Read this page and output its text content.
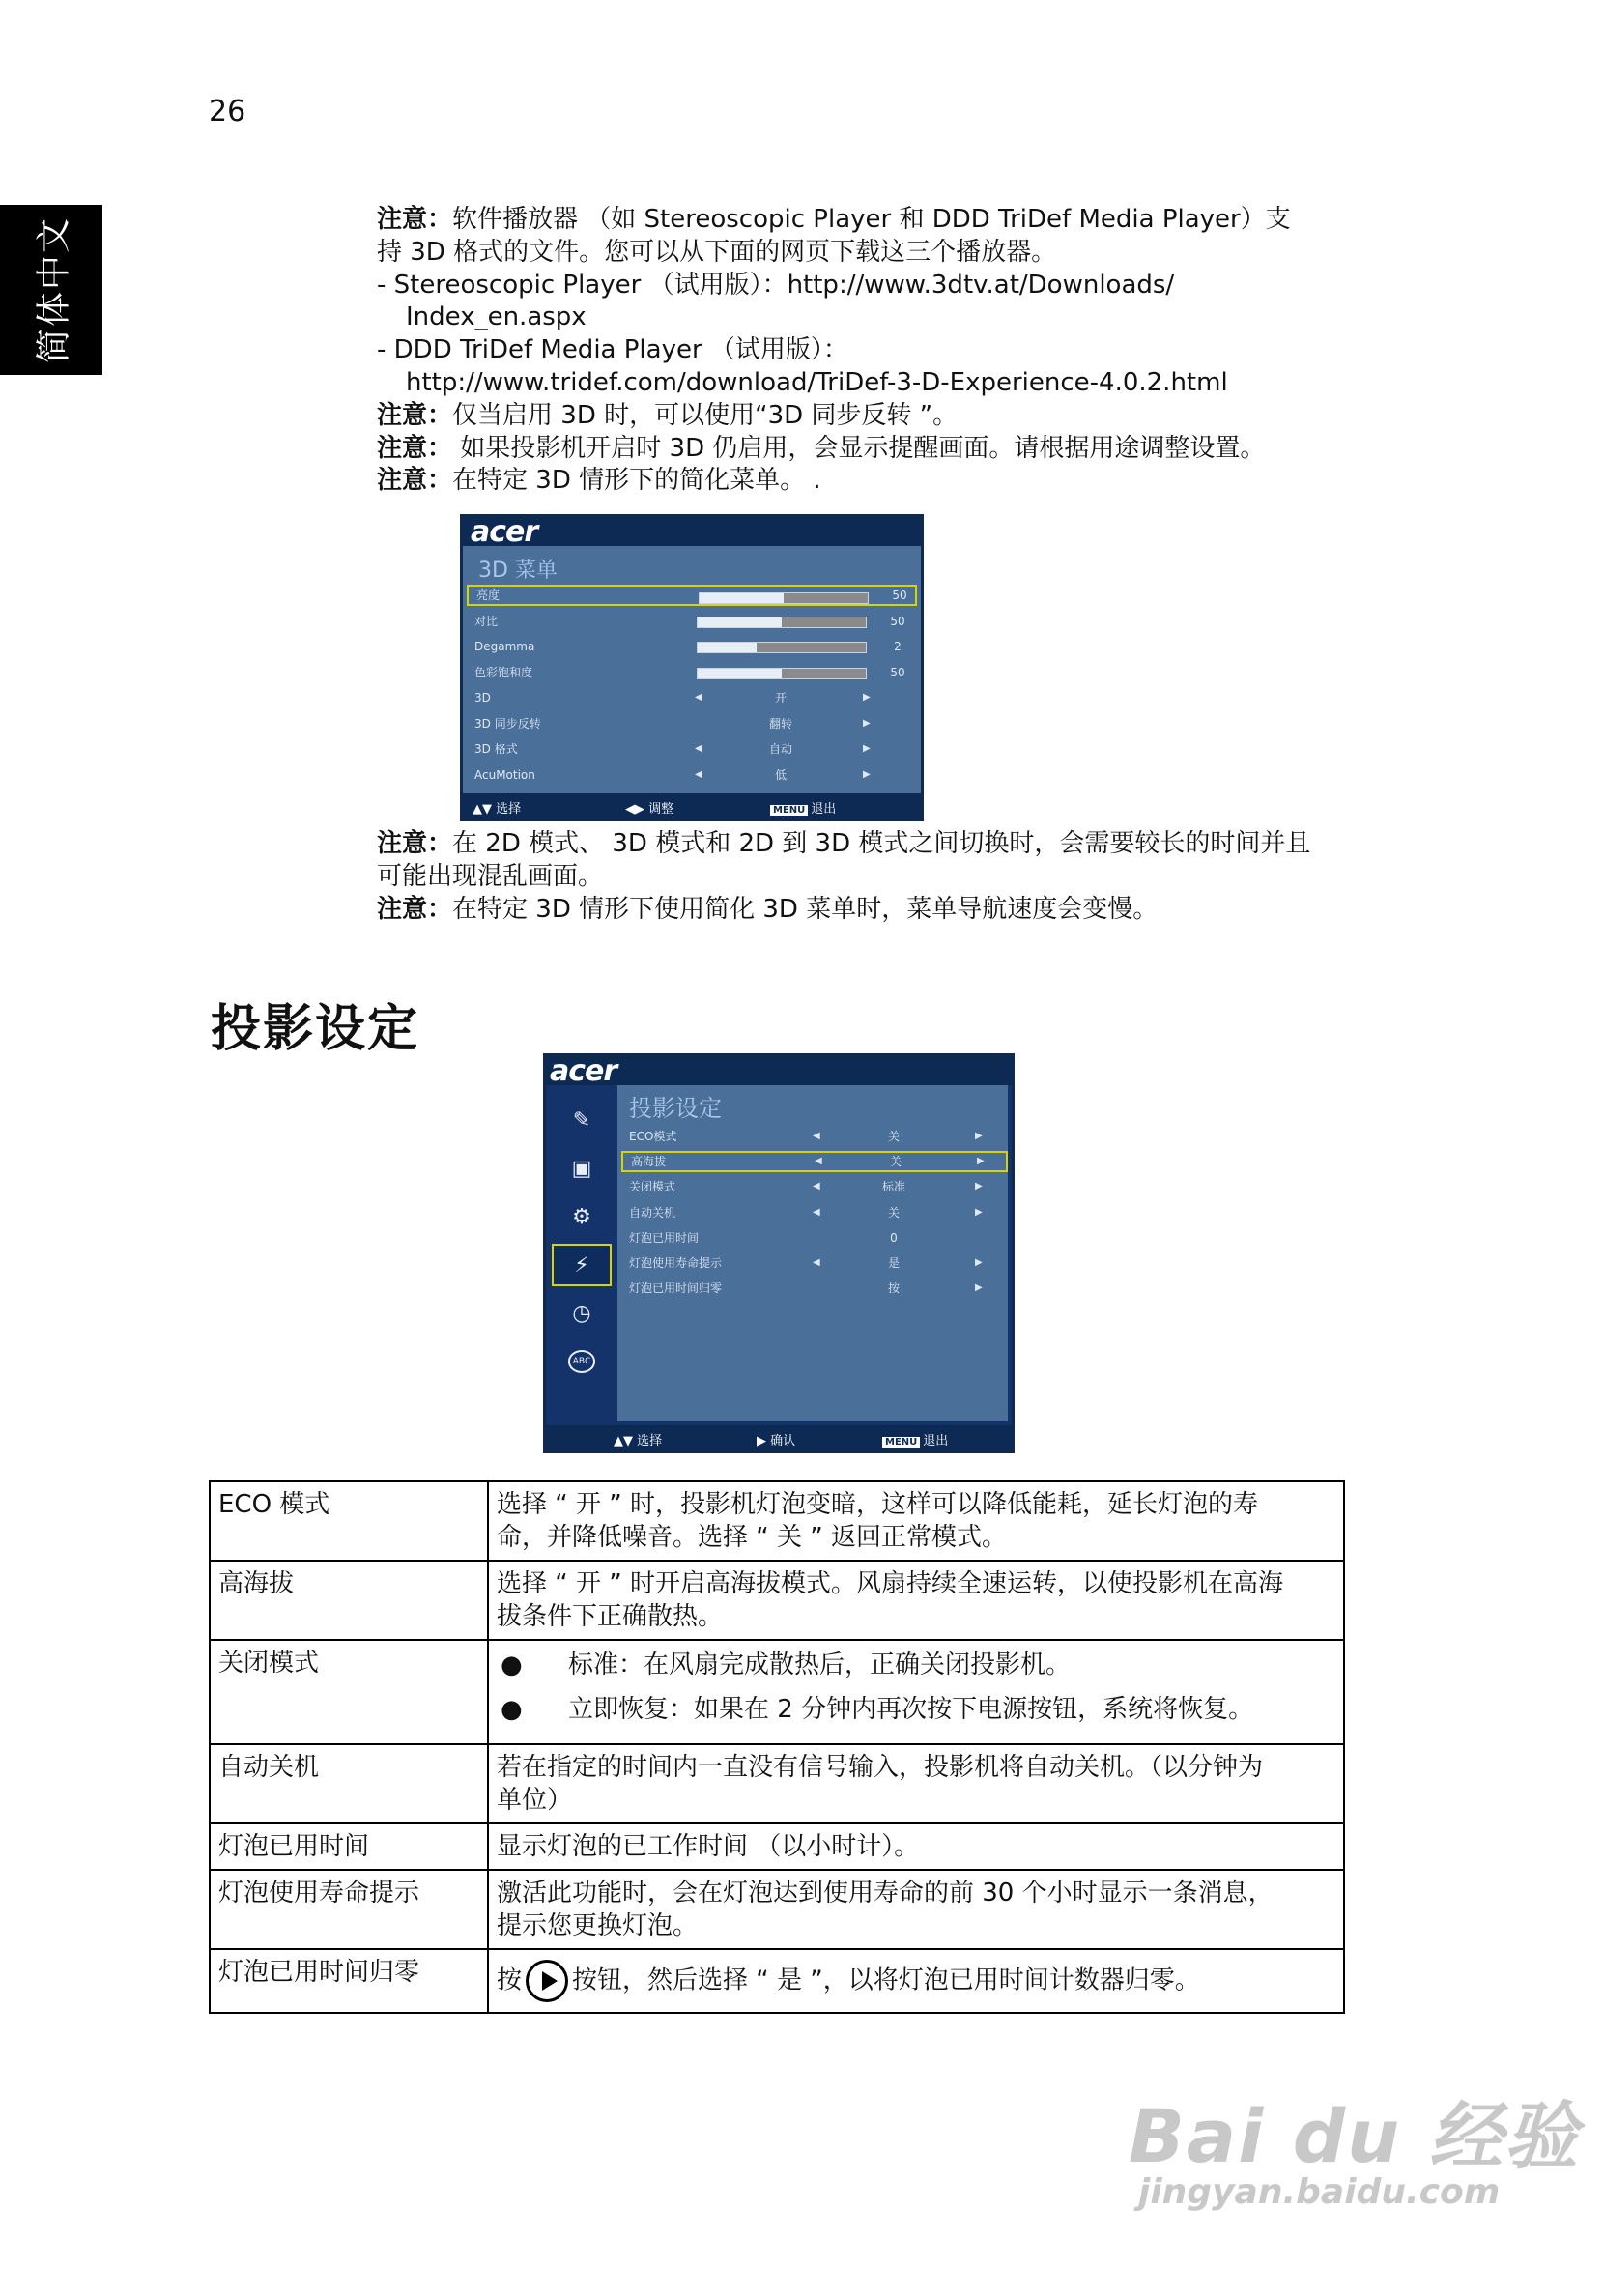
26
简体中文	注意：软件播放器 （如 Stereoscopic Player 和 DDD TriDef Media Player）支
持 3D 格式的文件。您可以从下面的网页下载这三个播放器。
- Stereoscopic Player （试用版）：http://www.3dtv.at/Downloads/
Index_en.aspx
- DDD TriDef Media Player （试用版）：
http://www.tridef.com/download/TriDef-3-D-Experience-4.0.2.html
注意：仅当启用 3D 时，可以使用“3D 同步反转 ”。
注意： 如果投影机开启时 3D 仍启用，会显示提醒画面。请根据用途调整设置。
注意：在特定 3D 情形下的简化菜单。 .
acer
3D 菜单
亮度	50
对比	50
Degamma	2
色彩饱和度	50
3D	◀	开	▶
3D 同步反转	翻转	▶
3D 格式	◀	自动	▶
AcuMotion	◀	低	▶
▲▼ 选择	◀▶ 调整	MENU 退出
注意：在 2D 模式、 3D 模式和 2D 到 3D 模式之间切换时，会需要较长的时间并且
可能出现混乱画面。
注意：在特定 3D 情形下使用简化 3D 菜单时，菜单导航速度会变慢。
投影设定
acer
投影设定
✎
▣
⚙
⚡
◷
ABC
ECO模式	◀	关	▶
高海拔	◀	关	▶
关闭模式	◀	标准	▶
自动关机	◀	关	▶
灯泡已用时间	0
灯泡使用寿命提示	◀	是	▶
灯泡已用时间归零	按	▶
▲▼ 选择	▶ 确认	MENU 退出
ECO 模式	选择 “ 开 ” 时，投影机灯泡变暗，这样可以降低能耗，延长灯泡的寿
命，并降低噪音。选择 “ 关 ” 返回正常模式。

高海拔	选择 “ 开 ” 时开启高海拔模式。风扇持续全速运转，以使投影机在高海
拔条件下正确散热。

关闭模式	● 标准：在风扇完成散热后，正确关闭投影机。
● 立即恢复：如果在 2 分钟内再次按下电源按钮，系统将恢复。

自动关机	若在指定的时间内一直没有信号输入，投影机将自动关机。（以分钟为
单位）

灯泡已用时间	显示灯泡的已工作时间 （以小时计）。

灯泡使用寿命提示	激活此功能时，会在灯泡达到使用寿命的前 30 个小时显示一条消息，
提示您更换灯泡。

灯泡已用时间归零	按 按钮，然后选择 “ 是 ”，以将灯泡已用时间计数器归零。
Bai du 经验
jingyan.baidu.com
